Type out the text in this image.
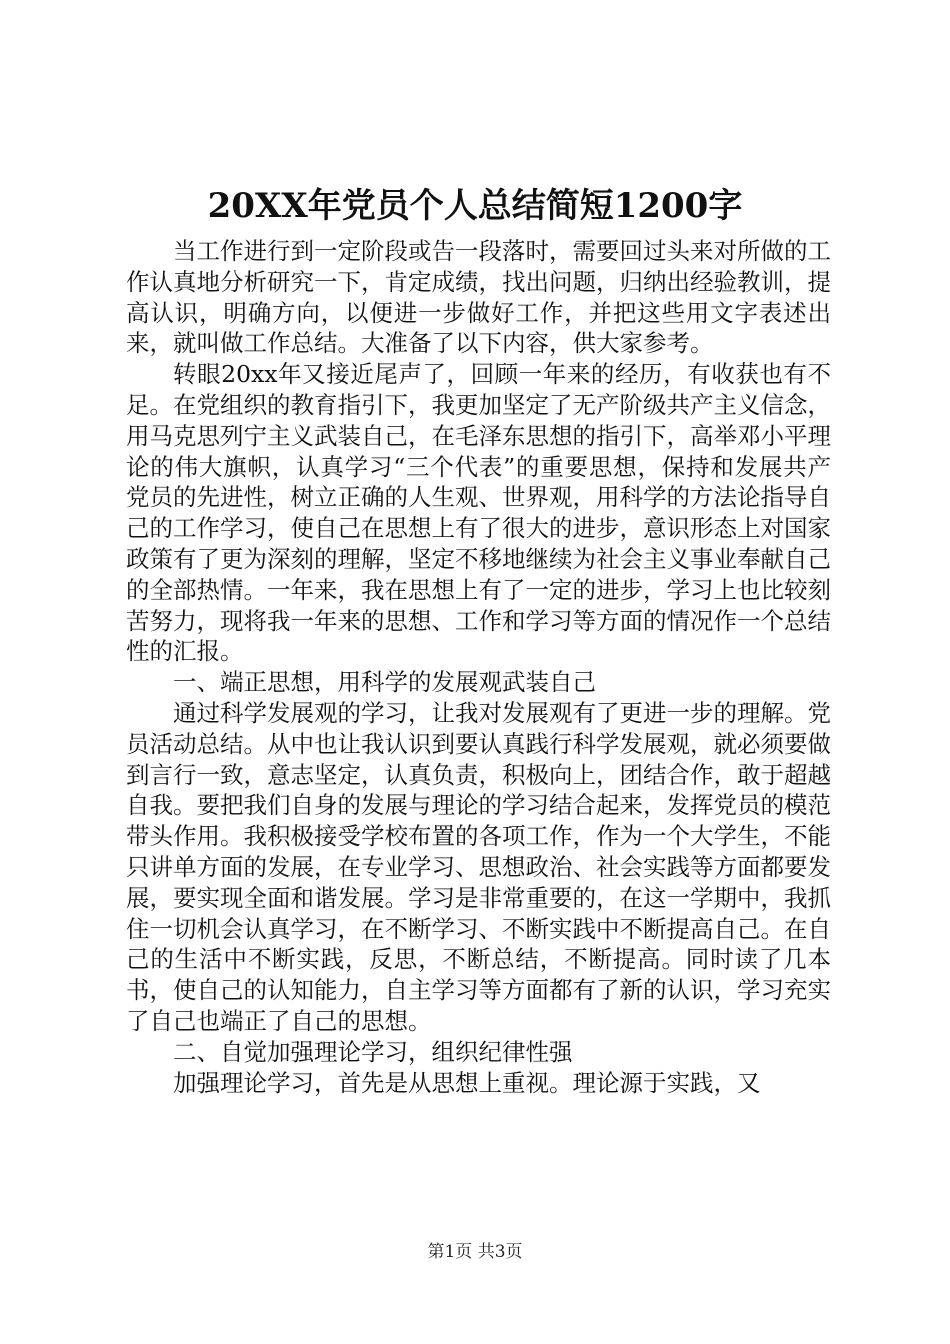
20XX年党员个人总结简短1200字

当工作进行到一定阶段或告一段落时，需要回过头来对所做的工作认真地分析研究一下，肯定成绩，找出问题，归纳出经验教训，提高认识，明确方向，以便进一步做好工作，并把这些用文字表述出来，就叫做工作总结。大准备了以下内容，供大家参考。

转眼20xx年又接近尾声了，回顾一年来的经历，有收获也有不足。在党组织的教育指引下，我更加坚定了无产阶级共产主义信念，用马克思列宁主义武装自己，在毛泽东思想的指引下，高举邓小平理论的伟大旗帜，认真学习“三个代表”的重要思想，保持和发展共产党员的先进性，树立正确的人生观、世界观，用科学的方法论指导自己的工作学习，使自己在思想上有了很大的进步，意识形态上对国家政策有了更为深刻的理解，坚定不移地继续为社会主义事业奉献自己的全部热情。一年来，我在思想上有了一定的进步，学习上也比较刻苦努力，现将我一年来的思想、工作和学习等方面的情况作一个总结性的汇报。

一、端正思想，用科学的发展观武装自己

通过科学发展观的学习，让我对发展观有了更进一步的理解。党员活动总结。从中也让我认识到要认真践行科学发展观，就必须要做到言行一致，意志坚定，认真负责，积极向上，团结合作，敢于超越自我。要把我们自身的发展与理论的学习结合起来，发挥党员的模范带头作用。我积极接受学校布置的各项工作，作为一个大学生，不能只讲单方面的发展，在专业学习、思想政治、社会实践等方面都要发展，要实现全面和谐发展。学习是非常重要的，在这一学期中，我抓住一切机会认真学习，在不断学习、不断实践中不断提高自己。在自己的生活中不断实践，反思，不断总结，不断提高。同时读了几本书，使自己的认知能力，自主学习等方面都有了新的认识，学习充实了自己也端正了自己的思想。

二、自觉加强理论学习，组织纪律性强

加强理论学习，首先是从思想上重视。理论源于实践，又

第1页 共3页
